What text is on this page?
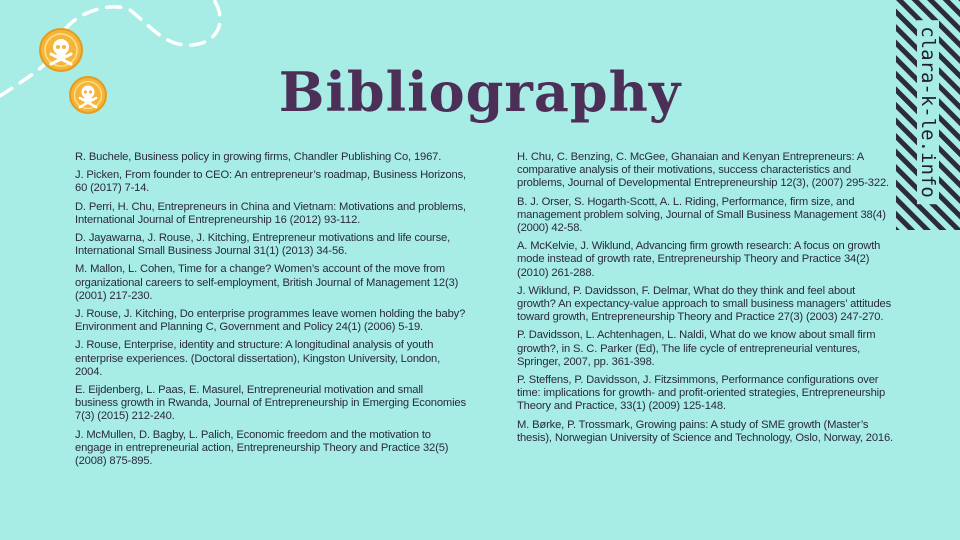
clara-k-le.info
Bibliography

R. Buchele, Business policy in growing firms, Chandler Publishing Co, 1967.

J. Picken, From founder to CEO: An entrepreneur’s roadmap, Business Horizons, 60 (2017) 7-14.

D. Perri, H. Chu, Entrepreneurs in China and Vietnam: Motivations and problems, International Journal of Entrepreneurship 16 (2012) 93-112.

D. Jayawarna, J. Rouse, J. Kitching, Entrepreneur motivations and life course, International Small Business Journal 31(1) (2013) 34-56.

M. Mallon, L. Cohen, Time for a change? Women’s account of the move from organizational careers to self-employment, British Journal of Management 12(3) (2001) 217-230.

J. Rouse, J. Kitching, Do enterprise programmes leave women holding the baby? Environment and Planning C, Government and Policy 24(1) (2006) 5-19.

J. Rouse, Enterprise, identity and structure: A longitudinal analysis of youth enterprise experiences. (Doctoral dissertation), Kingston University, London, 2004.

E. Eijdenberg, L. Paas, E. Masurel, Entrepreneurial motivation and small business growth in Rwanda, Journal of Entrepreneurship in Emerging Economies 7(3) (2015) 212-240.

J. McMullen, D. Bagby, L. Palich, Economic freedom and the motivation to engage in entrepreneurial action, Entrepreneurship Theory and Practice 32(5) (2008) 875-895.

H. Chu, C. Benzing, C. McGee, Ghanaian and Kenyan Entrepreneurs: A comparative analysis of their motivations, success characteristics and problems, Journal of Developmental Entrepreneurship 12(3), (2007) 295-322.

B. J. Orser, S. Hogarth-Scott, A. L. Riding, Performance, firm size, and management problem solving, Journal of Small Business Management 38(4) (2000) 42-58.

A. McKelvie, J. Wiklund, Advancing firm growth research: A focus on growth mode instead of growth rate, Entrepreneurship Theory and Practice 34(2) (2010) 261-288.

J. Wiklund, P. Davidsson, F. Delmar, What do they think and feel about growth? An expectancy-value approach to small business managers’ attitudes toward growth, Entrepreneurship Theory and Practice 27(3) (2003) 247-270.

P. Davidsson, L. Achtenhagen, L. Naldi, What do we know about small firm growth?, in S. C. Parker (Ed), The life cycle of entrepreneurial ventures, Springer, 2007, pp. 361-398.

P. Steffens, P. Davidsson, J. Fitzsimmons, Performance configurations over time: implications for growth- and profit-oriented strategies, Entrepreneurship Theory and Practice, 33(1) (2009) 125-148.

M. Børke, P. Trossmark, Growing pains: A study of SME growth (Master’s thesis), Norwegian University of Science and Technology, Oslo, Norway, 2016.
